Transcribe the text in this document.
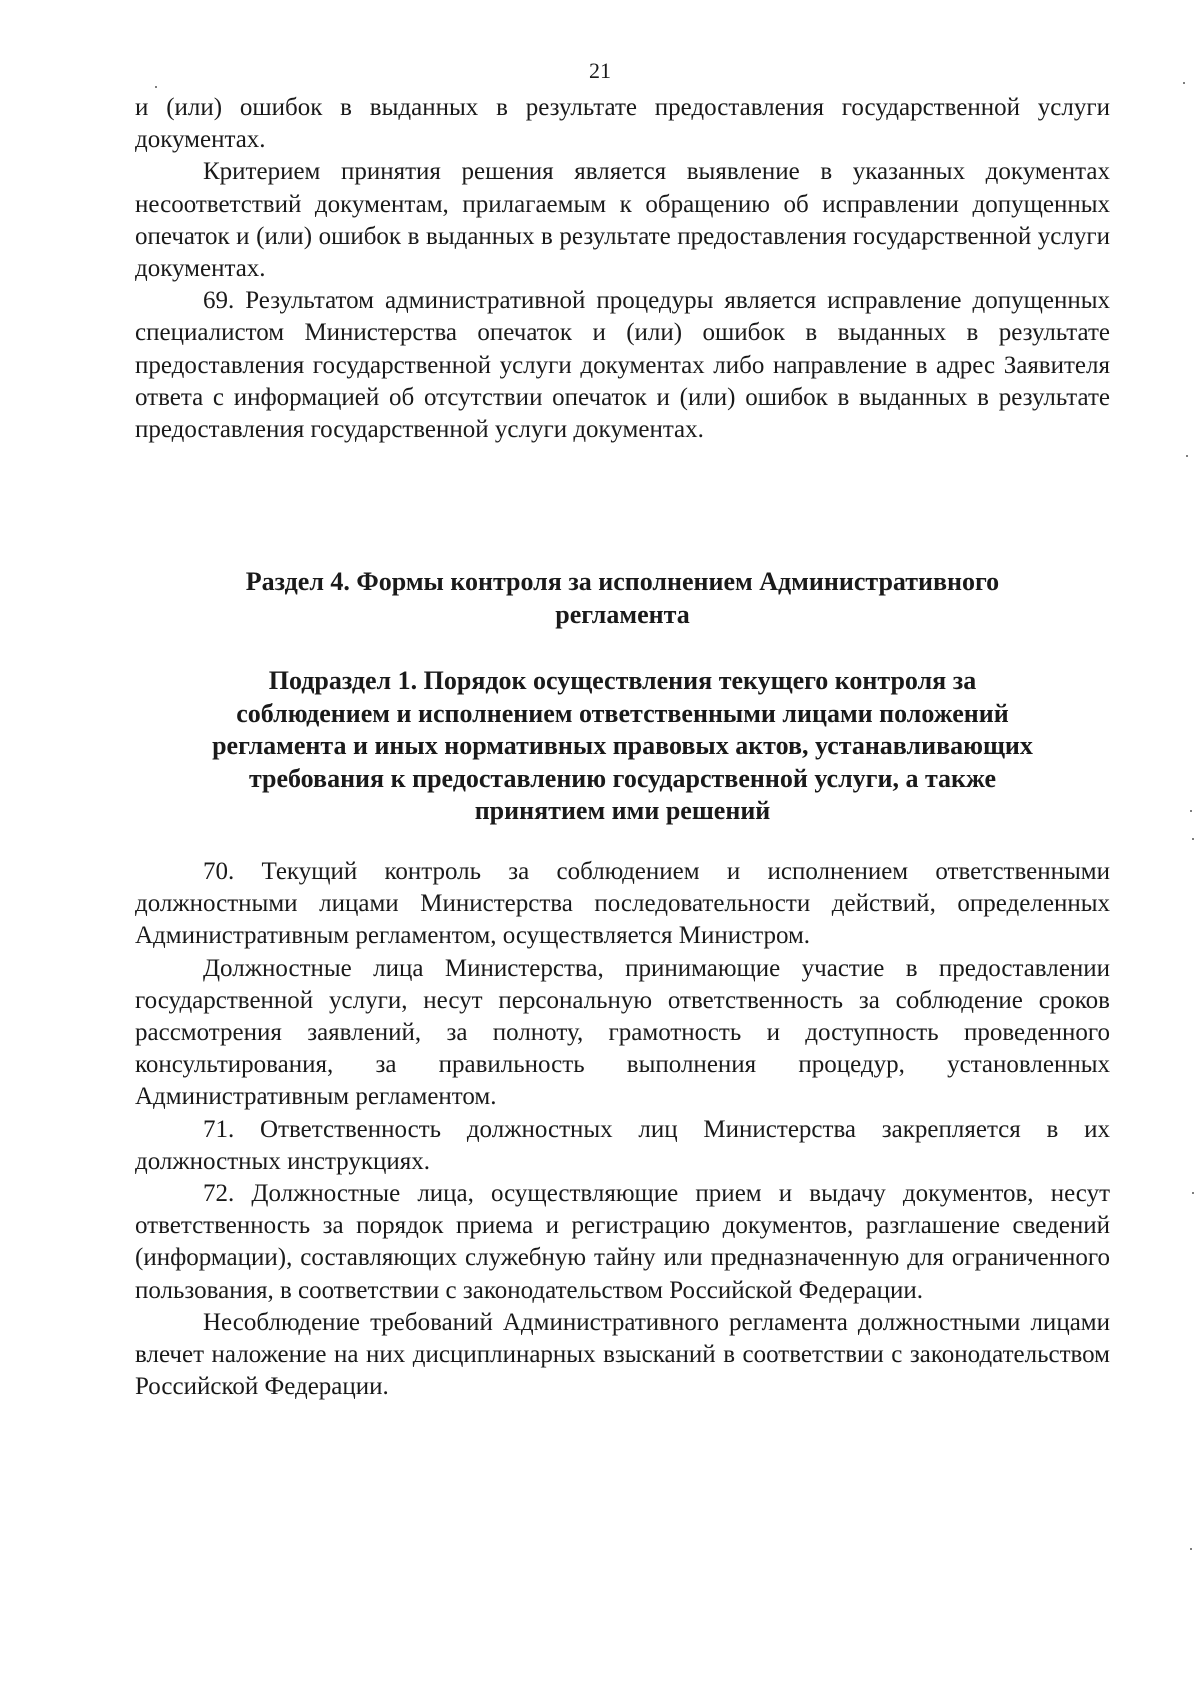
21

и (или) ошибок в выданных в результате предоставления государственной услуги документах.

Критерием принятия решения является выявление в указанных документах несоответствий документам, прилагаемым к обращению об исправлении допущенных опечаток и (или) ошибок в выданных в результате предоставления государственной услуги документах.

69. Результатом административной процедуры является исправление допущенных специалистом Министерства опечаток и (или) ошибок в выданных в результате предоставления государственной услуги документах либо направление в адрес Заявителя ответа с информацией об отсутствии опечаток и (или) ошибок в выданных в результате предоставления государственной услуги документах.

Раздел 4. Формы контроля за исполнением Административного
регламента
Подраздел 1. Порядок осуществления текущего контроля за
соблюдением и исполнением ответственными лицами положений
регламента и иных нормативных правовых актов, устанавливающих
требования к предоставлению государственной услуги, а также
принятием ими решений

70. Текущий контроль за соблюдением и исполнением ответственными должностными лицами Министерства последовательности действий, определенных Административным регламентом, осуществляется Министром.

Должностные лица Министерства, принимающие участие в предоставлении государственной услуги, несут персональную ответственность за соблюдение сроков рассмотрения заявлений, за полноту, грамотность и доступность проведенного консультирования, за правильность выполнения процедур, установленных Административным регламентом.

71. Ответственность должностных лиц Министерства закрепляется в их должностных инструкциях.

72. Должностные лица, осуществляющие прием и выдачу документов, несут ответственность за порядок приема и регистрацию документов, разглашение сведений (информации), составляющих служебную тайну или предназначенную для ограниченного пользования, в соответствии с законодательством Российской Федерации.

Несоблюдение требований Административного регламента должностными лицами влечет наложение на них дисциплинарных взысканий в соответствии с законодательством Российской Федерации.
